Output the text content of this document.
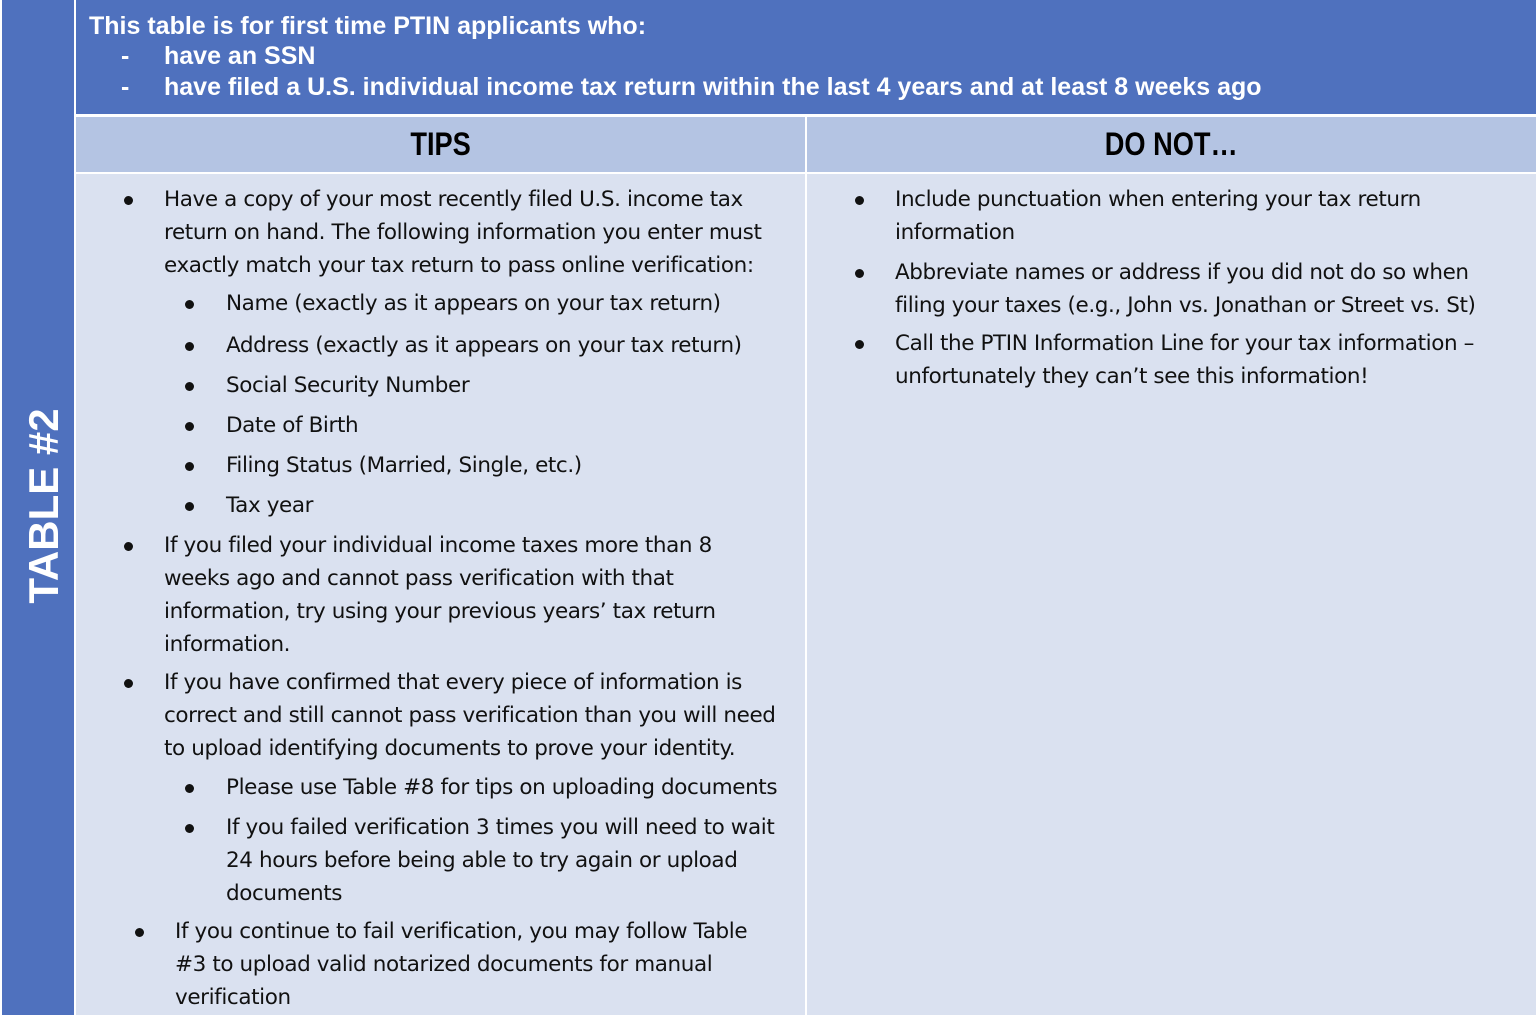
TABLE #2
This table is for first time PTIN applicants who:
- have an SSN
- have filed a U.S. individual income tax return within the last 4 years and at least 8 weeks ago
TIPS	DO NOT…
Have a copy of your most recently filed U.S. income tax
return on hand. The following information you enter must
exactly match your tax return to pass online verification:
Name (exactly as it appears on your tax return)
Address (exactly as it appears on your tax return)
Social Security Number
Date of Birth
Filing Status (Married, Single, etc.)
Tax year
If you filed your individual income taxes more than 8
weeks ago and cannot pass verification with that
information, try using your previous years’ tax return
information.
If you have confirmed that every piece of information is
correct and still cannot pass verification than you will need
to upload identifying documents to prove your identity.
Please use Table #8 for tips on uploading documents
If you failed verification 3 times you will need to wait
24 hours before being able to try again or upload
documents
If you continue to fail verification, you may follow Table
#3 to upload valid notarized documents for manual
verification
Include punctuation when entering your tax return
information
Abbreviate names or address if you did not do so when
filing your taxes (e.g., John vs. Jonathan or Street vs. St)
Call the PTIN Information Line for your tax information –
unfortunately they can’t see this information!
